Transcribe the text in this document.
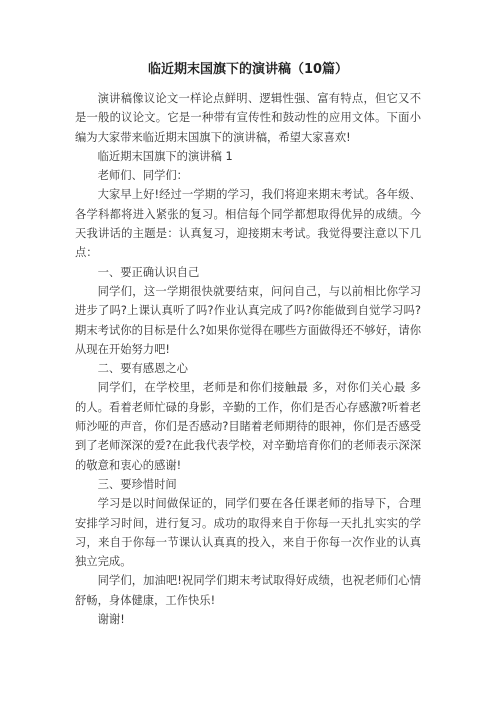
临近期末国旗下的演讲稿（10篇）

演讲稿像议论文一样论点鲜明、逻辑性强、富有特点，但它又不是一般的议论文。它是一种带有宣传性和鼓动性的应用文体。下面小编为大家带来临近期末国旗下的演讲稿，希望大家喜欢!

临近期末国旗下的演讲稿 1

老师们、同学们：

大家早上好!经过一学期的学习，我们将迎来期末考试。各年级、各学科都将进入紧张的复习。相信每个同学都想取得优异的成绩。今天我讲话的主题是：认真复习，迎接期末考试。我觉得要注意以下几点：

一、要正确认识自己

同学们，这一学期很快就要结束，问问自己，与以前相比你学习进步了吗?上课认真听了吗?作业认真完成了吗?你能做到自觉学习吗?期末考试你的目标是什么?如果你觉得在哪些方面做得还不够好，请你从现在开始努力吧!

二、要有感恩之心

同学们，在学校里，老师是和你们接触最 多，对你们关心最 多的人。看着老师忙碌的身影，辛勤的工作，你们是否心存感激?听着老师沙哑的声音，你们是否感动?目睹着老师期待的眼神，你们是否感受到了老师深深的爱?在此我代表学校，对辛勤培育你们的老师表示深深的敬意和衷心的感谢!

三、要珍惜时间

学习是以时间做保证的，同学们要在各任课老师的指导下，合理安排学习时间，进行复习。成功的取得来自于你每一天扎扎实实的学习，来自于你每一节课认认真真的投入，来自于你每一次作业的认真独立完成。

同学们，加油吧!祝同学们期末考试取得好成绩，也祝老师们心情舒畅，身体健康，工作快乐!

谢谢!
